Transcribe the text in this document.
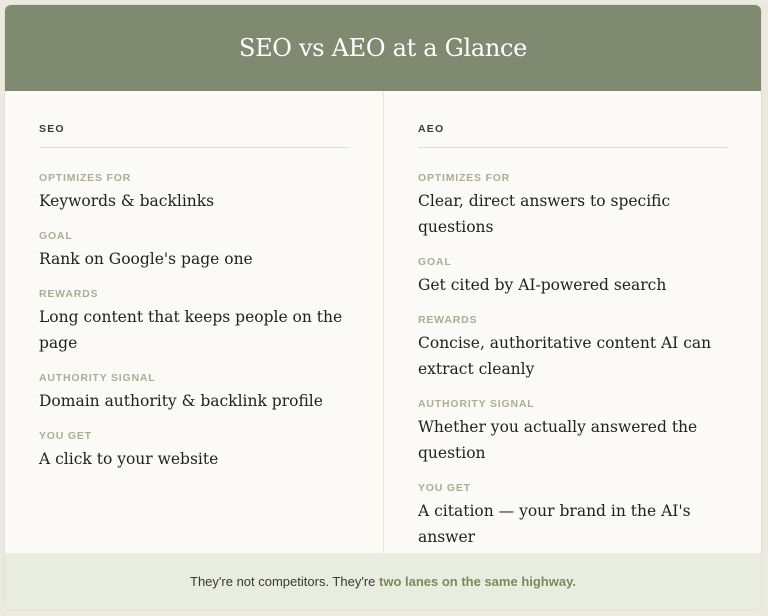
SEO vs AEO at a Glance
SEO
OPTIMIZES FOR
Keywords & backlinks
GOAL
Rank on Google's page one
REWARDS
Long content that keeps people on the page
AUTHORITY SIGNAL
Domain authority & backlink profile
YOU GET
A click to your website
AEO
OPTIMIZES FOR
Clear, direct answers to specific questions
GOAL
Get cited by AI-powered search
REWARDS
Concise, authoritative content AI can extract cleanly
AUTHORITY SIGNAL
Whether you actually answered the question
YOU GET
A citation — your brand in the AI's answer
They're not competitors. They're
two lanes on the same highway.
